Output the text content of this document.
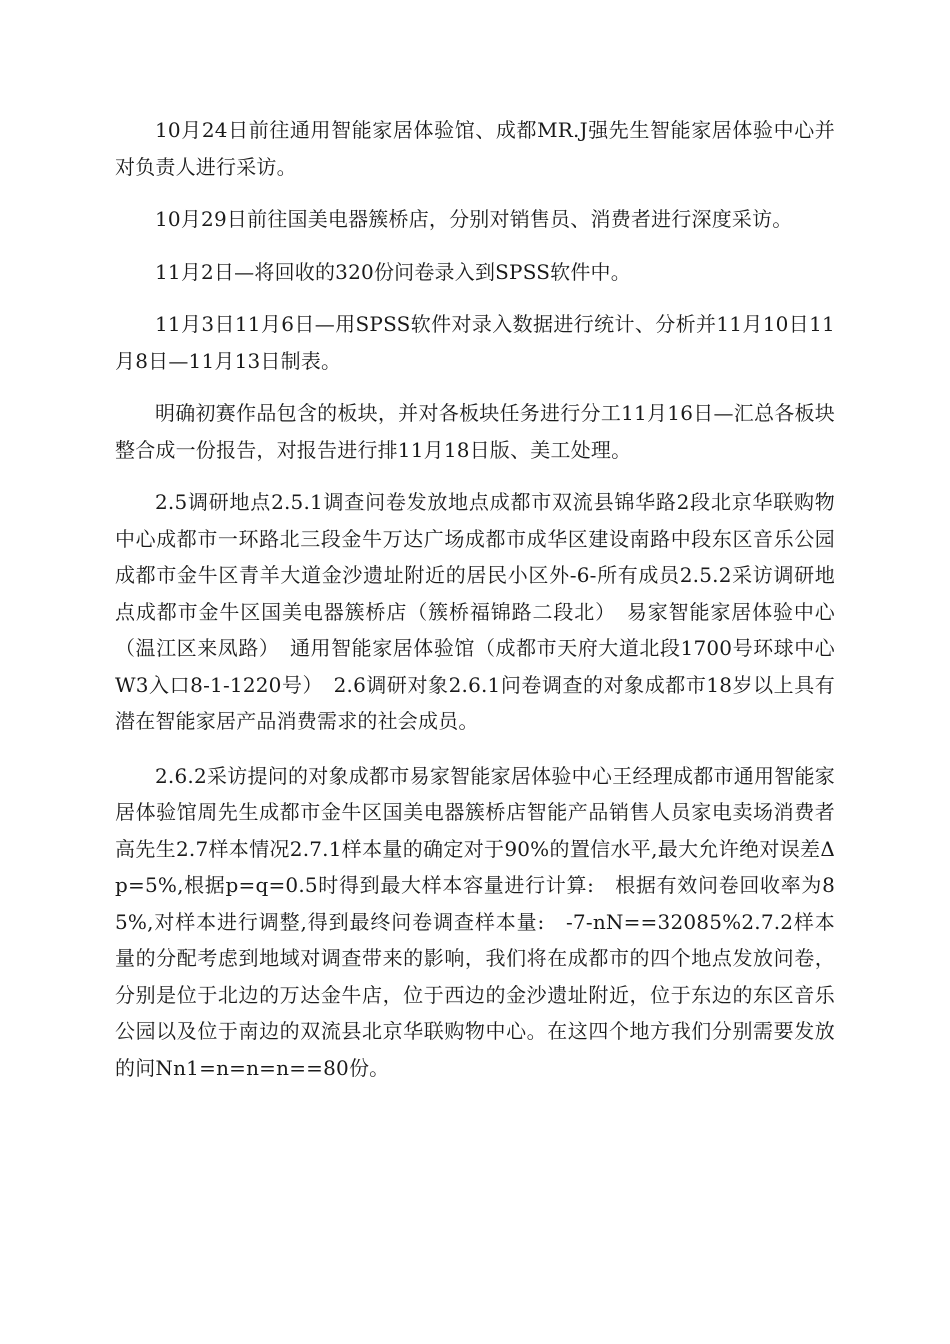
10月24日前往通用智能家居体验馆、成都MR.J强先生智能家居体验中心并对负责人进行采访。

10月29日前往国美电器簇桥店，分别对销售员、消费者进行深度采访。

11月2日—将回收的320份问卷录入到SPSS软件中。

11月3日11月6日—用SPSS软件对录入数据进行统计、分析并11月10日11月8日—11月13日制表。

明确初赛作品包含的板块，并对各板块任务进行分工11月16日—汇总各板块整合成一份报告，对报告进行排11月18日版、美工处理。

2.5调研地点2.5.1调查问卷发放地点成都市双流县锦华路2段北京华联购物中心成都市一环路北三段金牛万达广场成都市成华区建设南路中段东区音乐公园成都市金牛区青羊大道金沙遗址附近的居民小区外-6-所有成员2.5.2采访调研地点成都市金牛区国美电器簇桥店（簇桥福锦路二段北）　易家智能家居体验中心（温江区来凤路）　通用智能家居体验馆（成都市天府大道北段1700号环球中心W3入口8-1-1220号）　2.6调研对象2.6.1问卷调查的对象成都市18岁以上具有潜在智能家居产品消费需求的社会成员。

2.6.2采访提问的对象成都市易家智能家居体验中心王经理成都市通用智能家居体验馆周先生成都市金牛区国美电器簇桥店智能产品销售人员家电卖场消费者高先生2.7样本情况2.7.1样本量的确定对于90%的置信水平,最大允许绝对误差Δp=5%,根据p=q=0.5时得到最大样本容量进行计算:　根据有效问卷回收率为85%,对样本进行调整,得到最终问卷调查样本量:　-7-nN==32085%2.7.2样本量的分配考虑到地域对调查带来的影响，我们将在成都市的四个地点发放问卷，分别是位于北边的万达金牛店，位于西边的金沙遗址附近，位于东边的东区音乐公园以及位于南边的双流县北京华联购物中心。在这四个地方我们分别需要发放的问Nn1=n=n=n==80份。
